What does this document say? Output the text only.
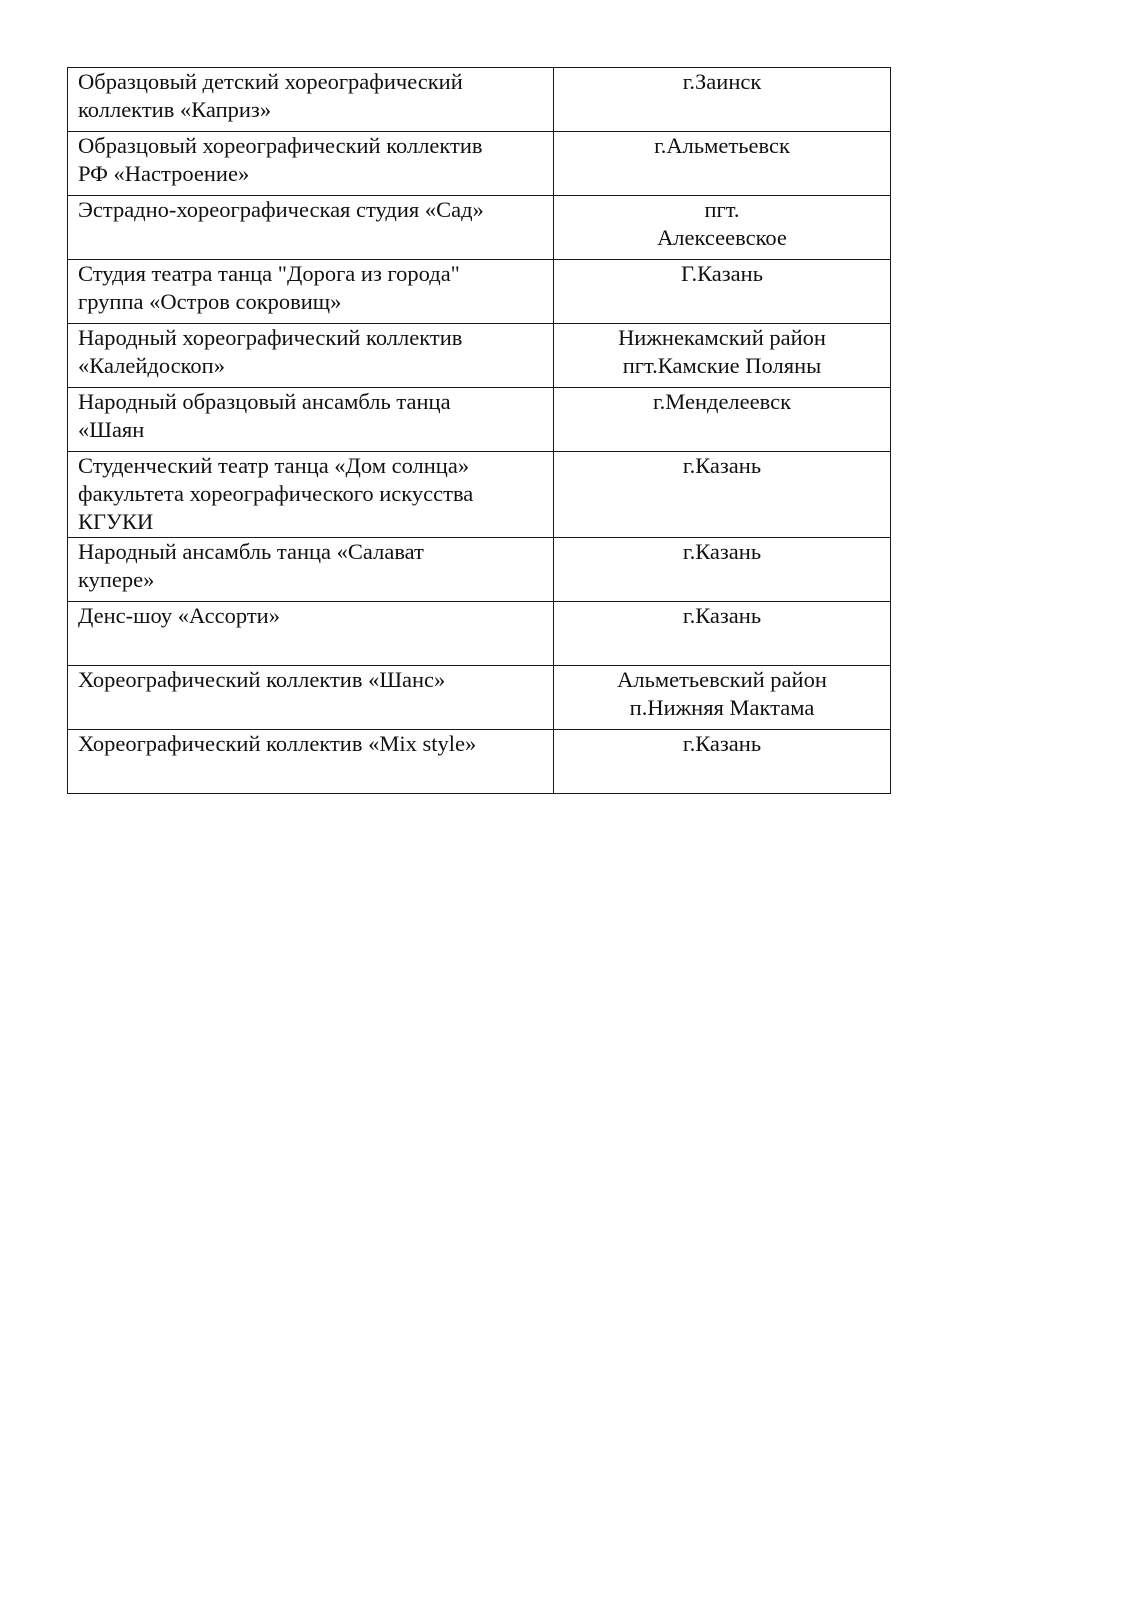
Образцовый детский хореографический
коллектив «Каприз»	г.Заинск

Образцовый хореографический коллектив
РФ «Настроение»	г.Альметьевск

Эстрадно-хореографическая студия «Сад»	пгт.
Алексеевское

Студия театра танца "Дорога из города"
группа «Остров сокровищ»	Г.Казань

Народный хореографический коллектив
«Калейдоскоп»	Нижнекамский район
пгт.Камские Поляны

Народный образцовый ансамбль танца
«Шаян	г.Менделеевск

Студенческий театр танца «Дом солнца»
факультета хореографического искусства
КГУКИ	г.Казань

Народный ансамбль танца «Салават
купере»	г.Казань

Денс-шоу «Ассорти»	г.Казань

Хореографический коллектив «Шанс»	Альметьевский район
п.Нижняя Мактама

Хореографический коллектив «Mix style»	г.Казань
